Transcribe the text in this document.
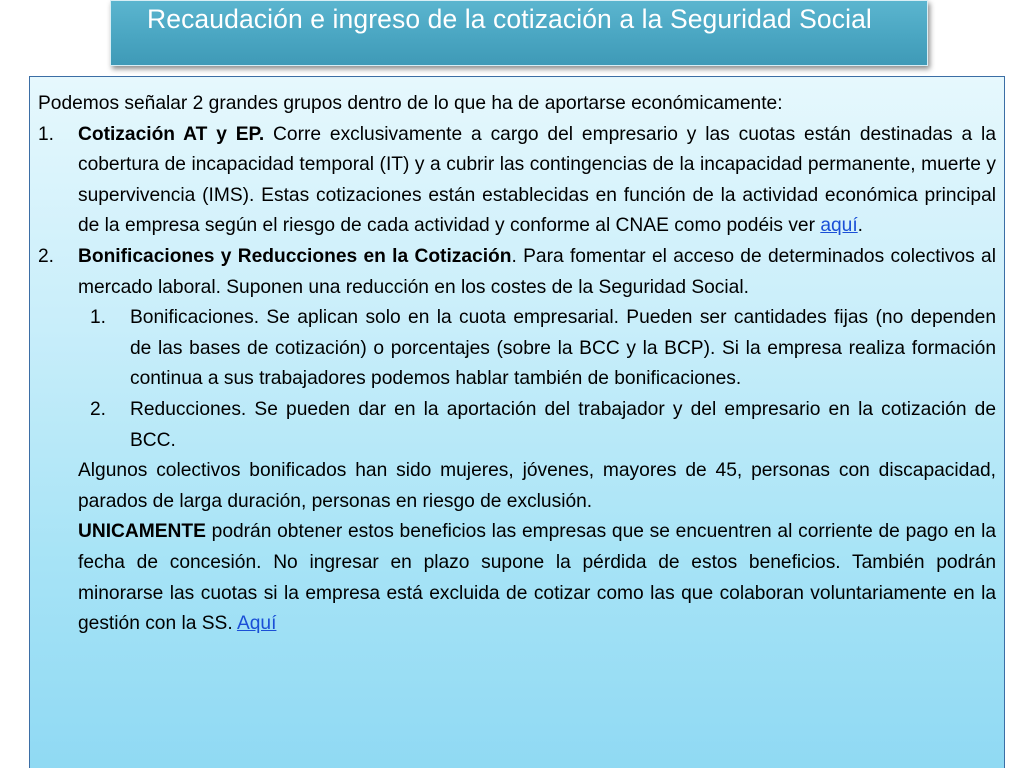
Recaudación e ingreso de la cotización a la Seguridad Social

Podemos señalar 2 grandes grupos dentro de lo que ha de aportarse económicamente:

1. Cotización AT y EP. Corre exclusivamente a cargo del empresario y las cuotas están destinadas a la cobertura de incapacidad temporal (IT) y a cubrir las contingencias de la incapacidad permanente, muerte y supervivencia (IMS). Estas cotizaciones están establecidas en función de la actividad económica principal de la empresa según el riesgo de cada actividad y conforme al CNAE como podéis ver aquí.

2. Bonificaciones y Reducciones en la Cotización. Para fomentar el acceso de determinados colectivos al mercado laboral. Suponen una reducción en los costes de la Seguridad Social.

1. Bonificaciones. Se aplican solo en la cuota empresarial. Pueden ser cantidades fijas (no dependen de las bases de cotización) o porcentajes (sobre la BCC y la BCP). Si la empresa realiza formación continua a sus trabajadores podemos hablar también de bonificaciones.

2. Reducciones. Se pueden dar en la aportación del trabajador y del empresario en la cotización de BCC.

Algunos colectivos bonificados han sido mujeres, jóvenes, mayores de 45, personas con discapacidad, parados de larga duración, personas en riesgo de exclusión.

UNICAMENTE podrán obtener estos beneficios las empresas que se encuentren al corriente de pago en la fecha de concesión. No ingresar en plazo supone la pérdida de estos beneficios. También podrán minorarse las cuotas si la empresa está excluida de cotizar como las que colaboran voluntariamente en la gestión con la SS. Aquí
